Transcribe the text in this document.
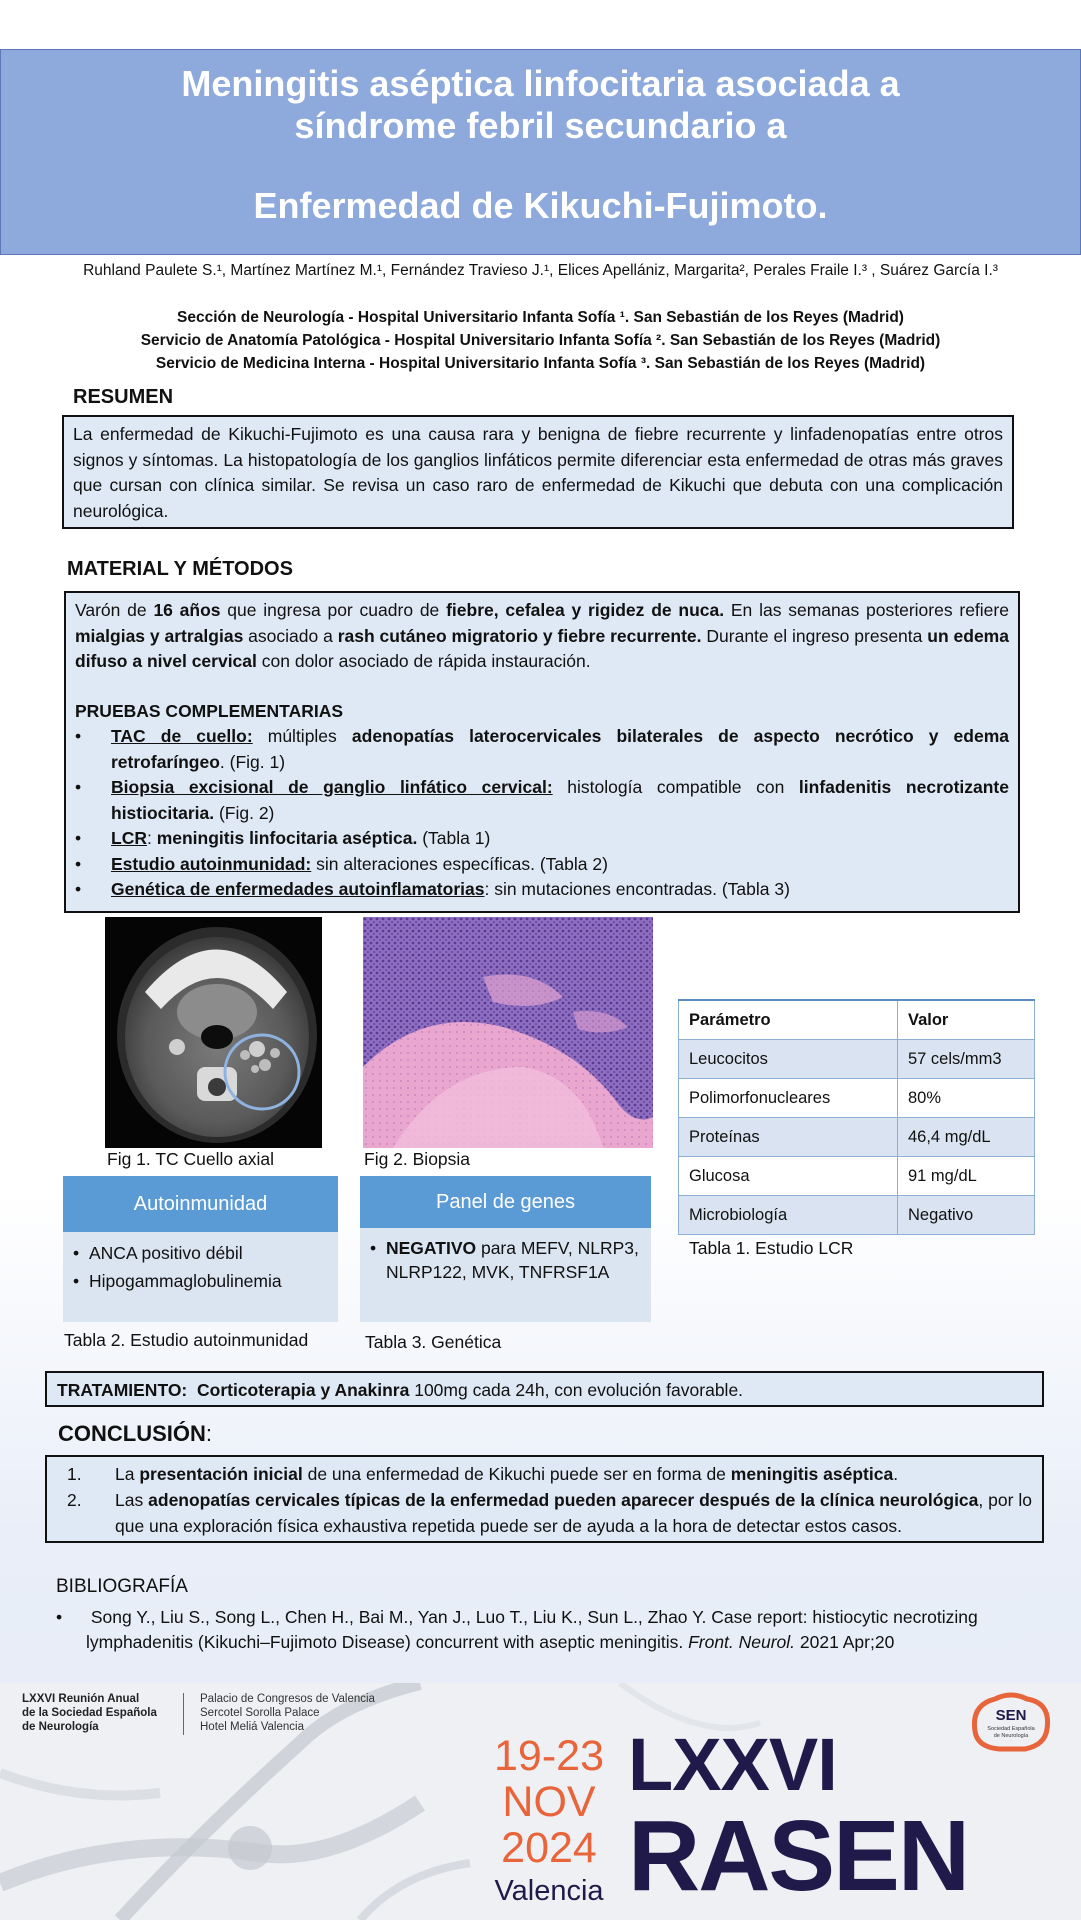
Meningitis aséptica linfocitaria asociada a
síndrome febril secundario a
Enfermedad de Kikuchi-Fujimoto.
Ruhland Paulete S.¹, Martínez Martínez M.¹, Fernández Travieso J.¹, Elices Apellániz, Margarita², Perales Fraile I.³ , Suárez García I.³
Sección de Neurología - Hospital Universitario Infanta Sofía ¹. San Sebastián de los Reyes (Madrid)
Servicio de Anatomía Patológica - Hospital Universitario Infanta Sofía ². San Sebastián de los Reyes (Madrid)
Servicio de Medicina Interna - Hospital Universitario Infanta Sofía ³. San Sebastián de los Reyes (Madrid)
RESUMEN
La enfermedad de Kikuchi-Fujimoto es una causa rara y benigna de fiebre recurrente y linfadenopatías entre otros signos y síntomas. La histopatología de los ganglios linfáticos permite diferenciar esta enfermedad de otras más graves que cursan con clínica similar. Se revisa un caso raro de enfermedad de Kikuchi que debuta con una complicación neurológica.
MATERIAL Y MÉTODOS
Varón de 16 años que ingresa por cuadro de fiebre, cefalea y rigidez de nuca. En las semanas posteriores refiere mialgias y artralgias asociado a rash cutáneo migratorio y fiebre recurrente. Durante el ingreso presenta un edema difuso a nivel cervical con dolor asociado de rápida instauración.
PRUEBAS COMPLEMENTARIAS
• TAC de cuello: múltiples adenopatías laterocervicales bilaterales de aspecto necrótico y edema retrofaríngeo. (Fig. 1)
• Biopsia excisional de ganglio linfático cervical: histología compatible con linfadenitis necrotizante histiocitaria. (Fig. 2)
• LCR: meningitis linfocitaria aséptica. (Tabla 1)
• Estudio autoinmunidad: sin alteraciones específicas. (Tabla 2)
• Genética de enfermedades autoinflamatorias: sin mutaciones encontradas. (Tabla 3)
Fig 1. TC Cuello axial	Fig 2. Biopsia
Parámetro	Valor
Leucocitos	57 cels/mm3
Polimorfonucleares	80%
Proteínas	46,4 mg/dL
Glucosa	91 mg/dL
Microbiología	Negativo
Tabla 1. Estudio LCR
Autoinmunidad
• ANCA positivo débil
• Hipogammaglobulinemia
Tabla 2. Estudio autoinmunidad
Panel de genes
• NEGATIVO para MEFV, NLRP3, NLRP122, MVK, TNFRSF1A
Tabla 3. Genética
TRATAMIENTO: Corticoterapia y Anakinra 100mg cada 24h, con evolución favorable.
CONCLUSIÓN:
1. La presentación inicial de una enfermedad de Kikuchi puede ser en forma de meningitis aséptica.
2. Las adenopatías cervicales típicas de la enfermedad pueden aparecer después de la clínica neurológica, por lo que una exploración física exhaustiva repetida puede ser de ayuda a la hora de detectar estos casos.
BIBLIOGRAFÍA
• Song Y., Liu S., Song L., Chen H., Bai M., Yan J., Luo T., Liu K., Sun L., Zhao Y. Case report: histiocytic necrotizing lymphadenitis (Kikuchi–Fujimoto Disease) concurrent with aseptic meningitis. Front. Neurol. 2021 Apr;20
LXXVI Reunión Anual
de la Sociedad Española
de Neurología
Palacio de Congresos de Valencia
Sercotel Sorolla Palace
Hotel Meliá Valencia
SEN
Sociedad Española
de Neurología
19-23
NOV
2024
Valencia
LXXVI
RASEN
